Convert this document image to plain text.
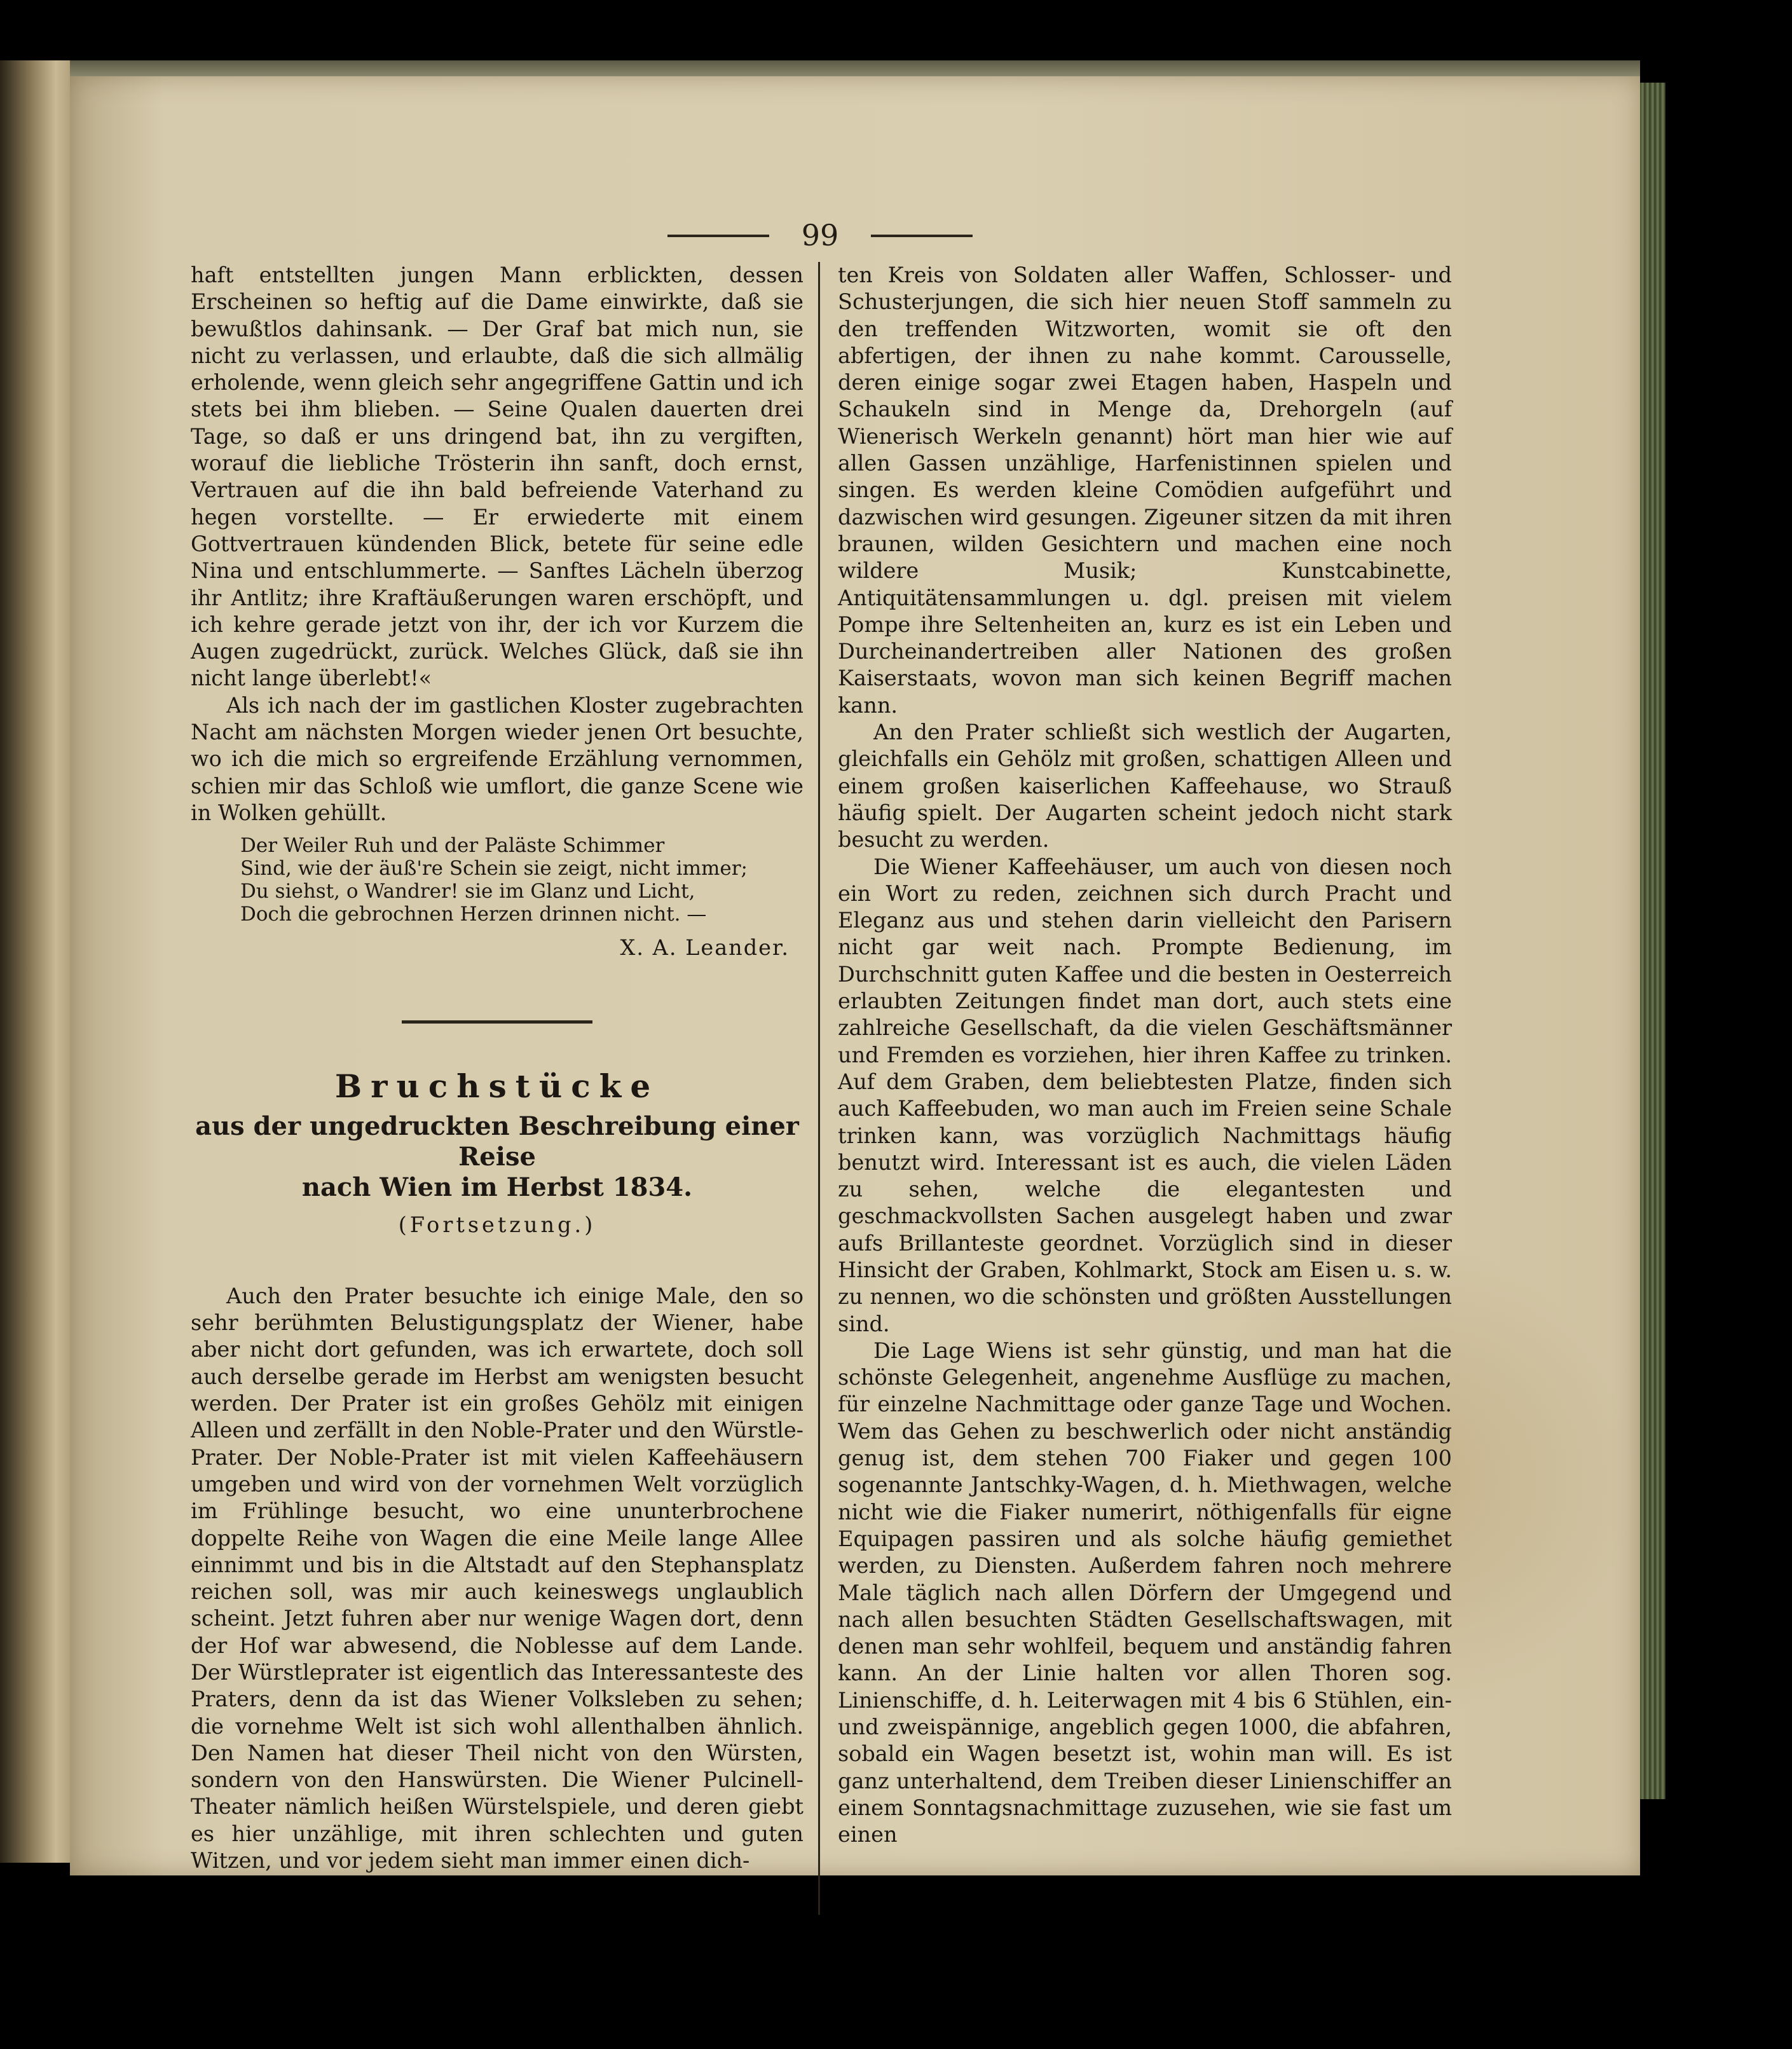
99

haft entstellten jungen Mann erblickten, dessen Erscheinen so heftig auf die Dame einwirkte, daß sie bewußtlos dahinsank. — Der Graf bat mich nun, sie nicht zu verlassen, und erlaubte, daß die sich allmälig erholende, wenn gleich sehr angegriffene Gattin und ich stets bei ihm blieben. — Seine Qualen dauerten drei Tage, so daß er uns dringend bat, ihn zu vergiften, worauf die liebliche Trösterin ihn sanft, doch ernst, Vertrauen auf die ihn bald befreiende Vaterhand zu hegen vorstellte. — Er erwiederte mit einem Gottvertrauen kündenden Blick, betete für seine edle Nina und entschlummerte. — Sanftes Lächeln überzog ihr Antlitz; ihre Kraftäußerungen waren erschöpft, und ich kehre gerade jetzt von ihr, der ich vor Kurzem die Augen zugedrückt, zurück. Welches Glück, daß sie ihn nicht lange überlebt!«

Als ich nach der im gastlichen Kloster zugebrachten Nacht am nächsten Morgen wieder jenen Ort besuchte, wo ich die mich so ergreifende Erzählung vernommen, schien mir das Schloß wie umflort, die ganze Scene wie in Wolken gehüllt.

Der Weiler Ruh und der Paläste Schimmer
Sind, wie der äuß're Schein sie zeigt, nicht immer;
Du siehst, o Wandrer! sie im Glanz und Licht,
Doch die gebrochnen Herzen drinnen nicht. —
X. A. Leander.
Bruchstücke
aus der ungedruckten Beschreibung einer Reise
nach Wien im Herbst 1834.
(Fortsetzung.)

Auch den Prater besuchte ich einige Male, den so sehr berühmten Belustigungsplatz der Wiener, habe aber nicht dort gefunden, was ich erwartete, doch soll auch derselbe gerade im Herbst am wenigsten besucht werden. Der Prater ist ein großes Gehölz mit einigen Alleen und zerfällt in den Noble-Prater und den Würstle-Prater. Der Noble-Prater ist mit vielen Kaffeehäusern umgeben und wird von der vornehmen Welt vorzüglich im Frühlinge besucht, wo eine ununterbrochene doppelte Reihe von Wagen die eine Meile lange Allee einnimmt und bis in die Altstadt auf den Stephansplatz reichen soll, was mir auch keineswegs unglaublich scheint. Jetzt fuhren aber nur wenige Wagen dort, denn der Hof war abwesend, die Noblesse auf dem Lande. Der Würstleprater ist eigentlich das Interessanteste des Praters, denn da ist das Wiener Volksleben zu sehen; die vornehme Welt ist sich wohl allenthalben ähnlich. Den Namen hat dieser Theil nicht von den Würsten, sondern von den Hanswürsten. Die Wiener Pulcinell-Theater nämlich heißen Würstelspiele, und deren giebt es hier unzählige, mit ihren schlechten und guten Witzen, und vor jedem sieht man immer einen dich-

ten Kreis von Soldaten aller Waffen, Schlosser- und Schusterjungen, die sich hier neuen Stoff sammeln zu den treffenden Witzworten, womit sie oft den abfertigen, der ihnen zu nahe kommt. Carousselle, deren einige sogar zwei Etagen haben, Haspeln und Schaukeln sind in Menge da, Drehorgeln (auf Wienerisch Werkeln genannt) hört man hier wie auf allen Gassen unzählige, Harfenistinnen spielen und singen. Es werden kleine Comödien aufgeführt und dazwischen wird gesungen. Zigeuner sitzen da mit ihren braunen, wilden Gesichtern und machen eine noch wildere Musik; Kunstcabinette, Antiquitätensammlungen u. dgl. preisen mit vielem Pompe ihre Seltenheiten an, kurz es ist ein Leben und Durcheinandertreiben aller Nationen des großen Kaiserstaats, wovon man sich keinen Begriff machen kann.

An den Prater schließt sich westlich der Augarten, gleichfalls ein Gehölz mit großen, schattigen Alleen und einem großen kaiserlichen Kaffeehause, wo Strauß häufig spielt. Der Augarten scheint jedoch nicht stark besucht zu werden.

Die Wiener Kaffeehäuser, um auch von diesen noch ein Wort zu reden, zeichnen sich durch Pracht und Eleganz aus und stehen darin vielleicht den Parisern nicht gar weit nach. Prompte Bedienung, im Durchschnitt guten Kaffee und die besten in Oesterreich erlaubten Zeitungen findet man dort, auch stets eine zahlreiche Gesellschaft, da die vielen Geschäftsmänner und Fremden es vorziehen, hier ihren Kaffee zu trinken. Auf dem Graben, dem beliebtesten Platze, finden sich auch Kaffeebuden, wo man auch im Freien seine Schale trinken kann, was vorzüglich Nachmittags häufig benutzt wird. Interessant ist es auch, die vielen Läden zu sehen, welche die elegantesten und geschmackvollsten Sachen ausgelegt haben und zwar aufs Brillanteste geordnet. Vorzüglich sind in dieser Hinsicht der Graben, Kohlmarkt, Stock am Eisen u. s. w. zu nennen, wo die schönsten und größten Ausstellungen sind.

Die Lage Wiens ist sehr günstig, und man hat die schönste Gelegenheit, angenehme Ausflüge zu machen, für einzelne Nachmittage oder ganze Tage und Wochen. Wem das Gehen zu beschwerlich oder nicht anständig genug ist, dem stehen 700 Fiaker und gegen 100 sogenannte Jantschky-Wagen, d. h. Miethwagen, welche nicht wie die Fiaker numerirt, nöthigenfalls für eigne Equipagen passiren und als solche häufig gemiethet werden, zu Diensten. Außerdem fahren noch mehrere Male täglich nach allen Dörfern der Umgegend und nach allen besuchten Städten Gesellschaftswagen, mit denen man sehr wohlfeil, bequem und anständig fahren kann. An der Linie halten vor allen Thoren sog. Linienschiffe, d. h. Leiterwagen mit 4 bis 6 Stühlen, ein- und zweispännige, angeblich gegen 1000, die abfahren, sobald ein Wagen besetzt ist, wohin man will. Es ist ganz unterhaltend, dem Treiben dieser Linienschiffer an einem Sonntagsnachmittage zuzusehen, wie sie fast um einen
